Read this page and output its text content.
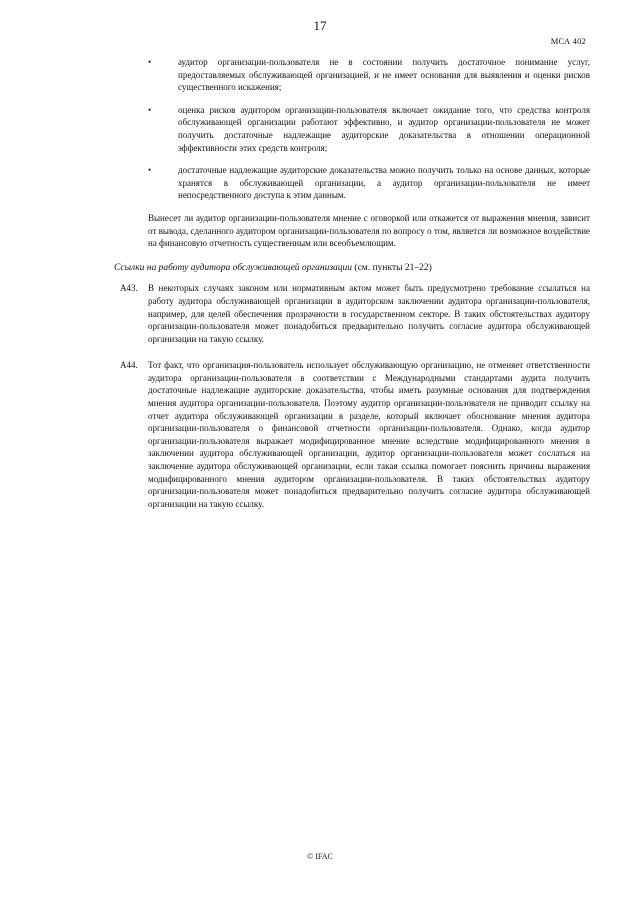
17
МСА 402
•	аудитор организации-пользователя не в состоянии получить достаточное понимание услуг, предоставляемых обслуживающей организацией, и не имеет основания для выявления и оценки рисков существенного искажения;
•	оценка рисков аудитором организации-пользователя включает ожидание того, что средства контроля обслуживающей организации работают эффективно, и аудитор организации-пользователя не может получить достаточные надлежащие аудиторские доказательства в отношении операционной эффективности этих средств контроля;
•	достаточные надлежащие аудиторские доказательства можно получить только на основе данных, которые хранятся в обслуживающей организации, а аудитор организации-пользователя не имеет непосредственного доступа к этим данным.

Вынесет ли аудитор организации-пользователя мнение с оговоркой или откажется от выражения мнения, зависит от вывода, сделанного аудитором организации-пользователя по вопросу о том, является ли возможное воздействие на финансовую отчетность существенным или всеобъемлющим.

Ссылки на работу аудитора обслуживающей организации (см. пункты 21–22)
А43. В некоторых случаях законом или нормативным актом может быть предусмотрено требование ссылаться на работу аудитора обслуживающей организации в аудиторском заключении аудитора организации-пользователя, например, для целей обеспечения прозрачности в государственном секторе. В таких обстоятельствах аудитору организации-пользователя может понадобиться предварительно получить согласие аудитора обслуживающей организации на такую ссылку.
А44. Тот факт, что организация-пользователь использует обслуживающую организацию, не отменяет ответственности аудитора организации-пользователя в соответствии с Международными стандартами аудита получить достаточные надлежащие аудиторские доказательства, чтобы иметь разумные основания для подтверждения мнения аудитора организации-пользователя. Поэтому аудитор организации-пользователя не приводит ссылку на отчет аудитора обслуживающей организации в разделе, который включает обоснование мнения аудитора организации-пользователя о финансовой отчетности организации-пользователя. Однако, когда аудитор организации-пользователя выражает модифицированное мнение вследствие модифицированного мнения в заключении аудитора обслуживающей организации, аудитор организации-пользователя может сослаться на заключение аудитора обслуживающей организации, если такая ссылка помогает пояснить причины выражения модифицированного мнения аудитором организации-пользователя. В таких обстоятельствах аудитору организации-пользователя может понадобиться предварительно получить согласие аудитора обслуживающей организации на такую ссылку.
© IFAC
